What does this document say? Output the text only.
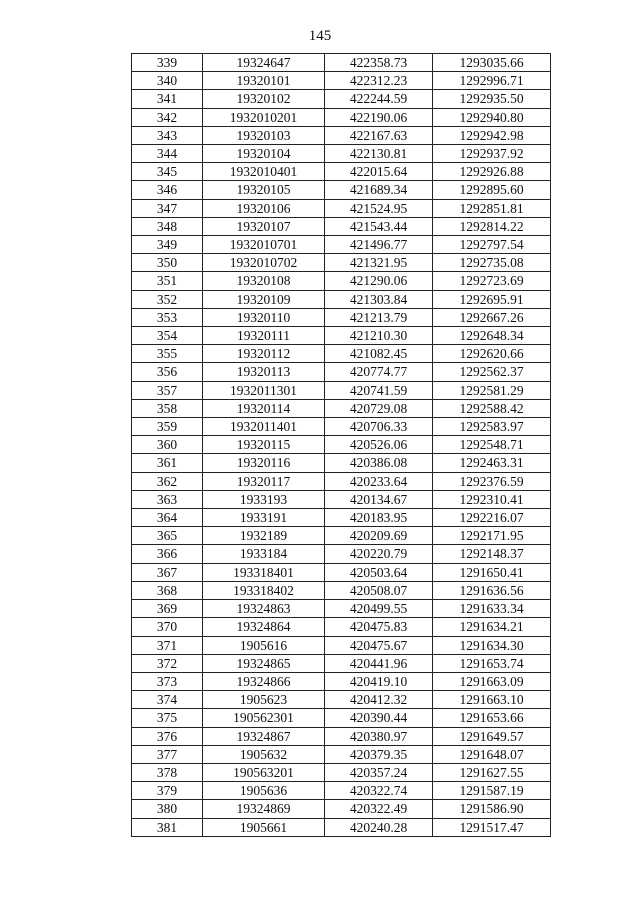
145
339	19324647	422358.73	1293035.66
340	19320101	422312.23	1292996.71
341	19320102	422244.59	1292935.50
342	1932010201	422190.06	1292940.80
343	19320103	422167.63	1292942.98
344	19320104	422130.81	1292937.92
345	1932010401	422015.64	1292926.88
346	19320105	421689.34	1292895.60
347	19320106	421524.95	1292851.81
348	19320107	421543.44	1292814.22
349	1932010701	421496.77	1292797.54
350	1932010702	421321.95	1292735.08
351	19320108	421290.06	1292723.69
352	19320109	421303.84	1292695.91
353	19320110	421213.79	1292667.26
354	19320111	421210.30	1292648.34
355	19320112	421082.45	1292620.66
356	19320113	420774.77	1292562.37
357	1932011301	420741.59	1292581.29
358	19320114	420729.08	1292588.42
359	1932011401	420706.33	1292583.97
360	19320115	420526.06	1292548.71
361	19320116	420386.08	1292463.31
362	19320117	420233.64	1292376.59
363	1933193	420134.67	1292310.41
364	1933191	420183.95	1292216.07
365	1932189	420209.69	1292171.95
366	1933184	420220.79	1292148.37
367	193318401	420503.64	1291650.41
368	193318402	420508.07	1291636.56
369	19324863	420499.55	1291633.34
370	19324864	420475.83	1291634.21
371	1905616	420475.67	1291634.30
372	19324865	420441.96	1291653.74
373	19324866	420419.10	1291663.09
374	1905623	420412.32	1291663.10
375	190562301	420390.44	1291653.66
376	19324867	420380.97	1291649.57
377	1905632	420379.35	1291648.07
378	190563201	420357.24	1291627.55
379	1905636	420322.74	1291587.19
380	19324869	420322.49	1291586.90
381	1905661	420240.28	1291517.47
